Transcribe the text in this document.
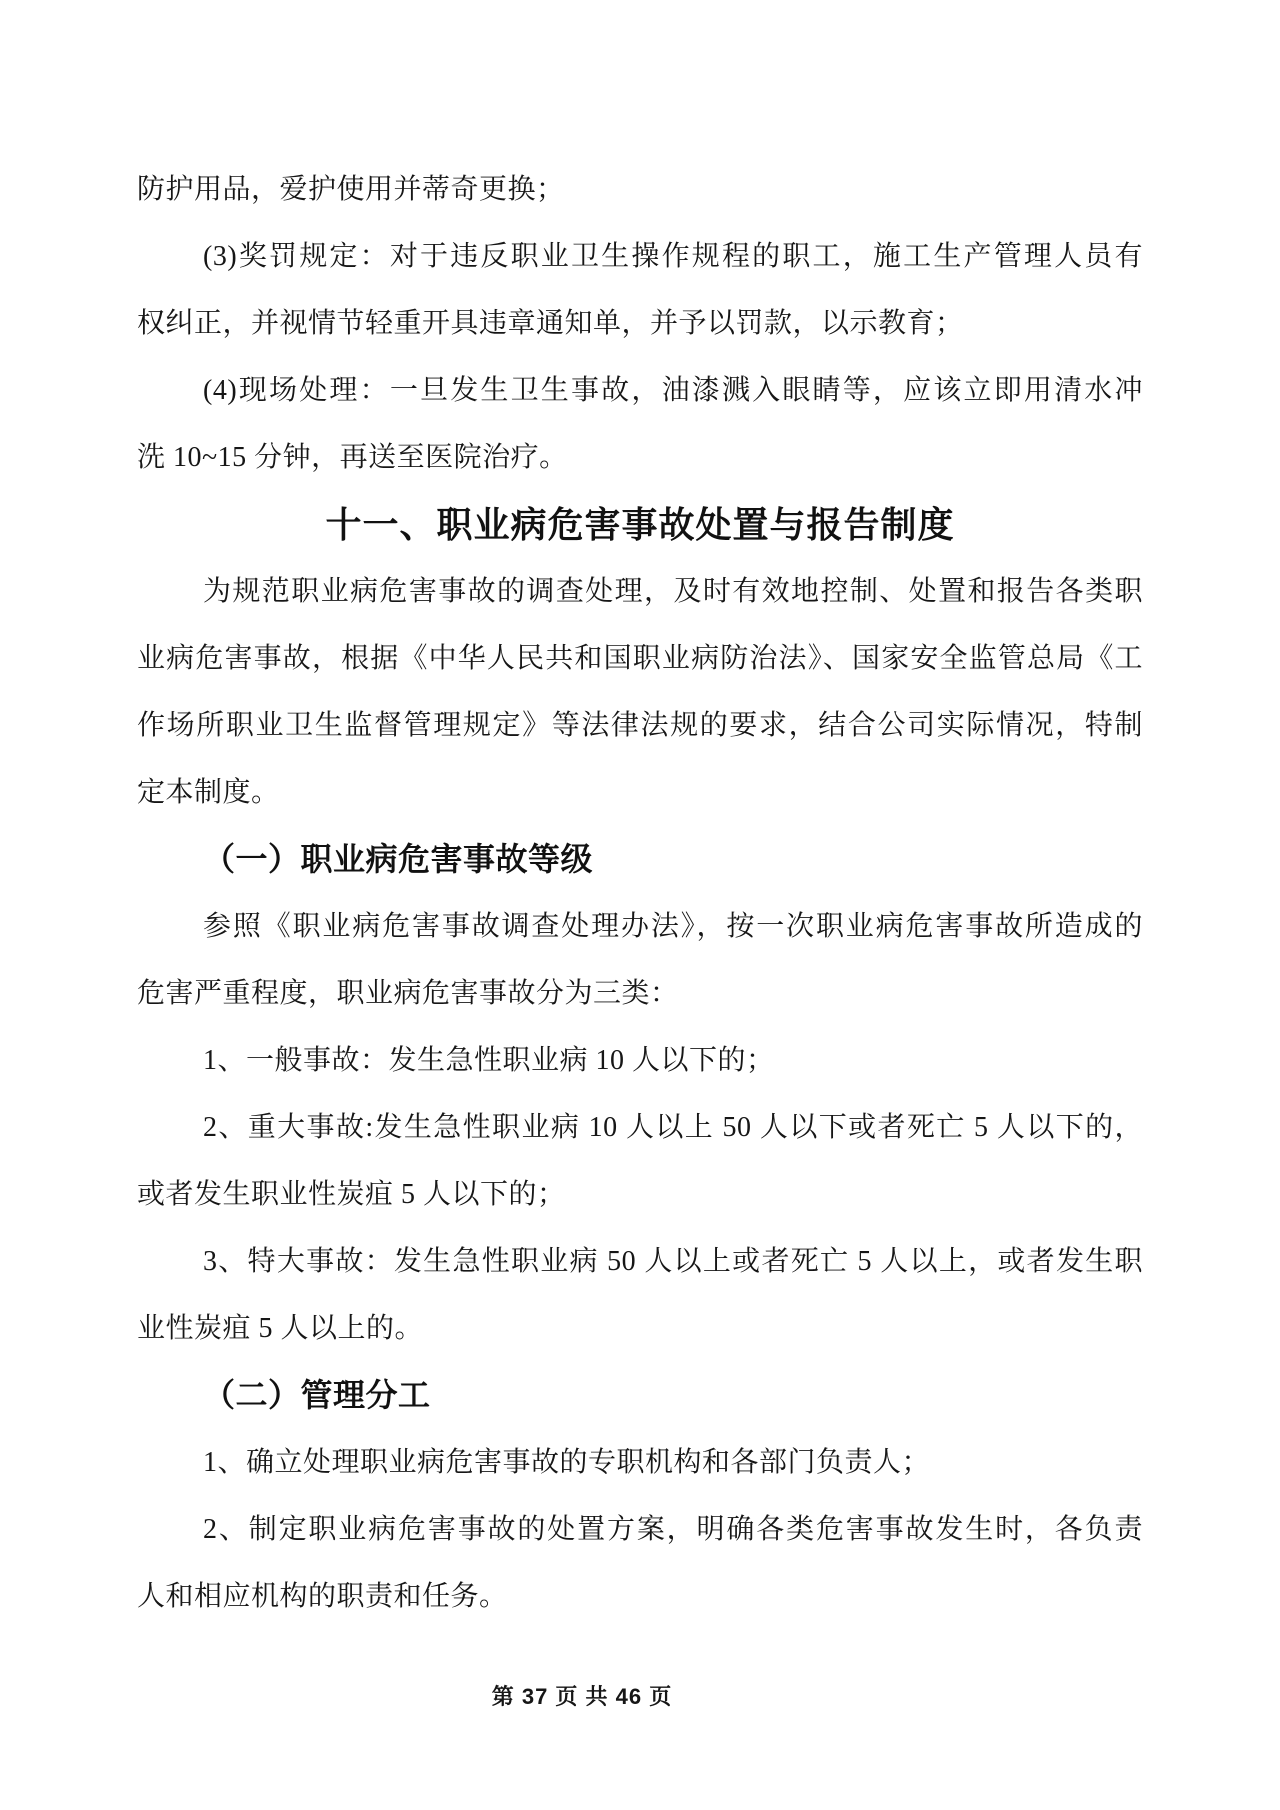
防护用品，爱护使用并蒂奇更换；
(3)奖罚规定：对于违反职业卫生操作规程的职工，施工生产管理人员有
权纠正，并视情节轻重开具违章通知单，并予以罚款，以示教育；
(4)现场处理：一旦发生卫生事故，油漆溅入眼睛等，应该立即用清水冲
洗 10~15 分钟，再送至医院治疗。
十一、职业病危害事故处置与报告制度
为规范职业病危害事故的调查处理，及时有效地控制、处置和报告各类职
业病危害事故，根据《中华人民共和国职业病防治法》、国家安全监管总局《工
作场所职业卫生监督管理规定》等法律法规的要求，结合公司实际情况，特制
定本制度。
（一）职业病危害事故等级
参照《职业病危害事故调查处理办法》，按一次职业病危害事故所造成的
危害严重程度，职业病危害事故分为三类：
1、一般事故：发生急性职业病 10 人以下的；
2、重大事故:发生急性职业病 10 人以上 50 人以下或者死亡 5 人以下的，
或者发生职业性炭疽 5 人以下的；
3、特大事故：发生急性职业病 50 人以上或者死亡 5 人以上，或者发生职
业性炭疽 5 人以上的。
（二）管理分工
1、确立处理职业病危害事故的专职机构和各部门负责人；
2、制定职业病危害事故的处置方案，明确各类危害事故发生时，各负责
人和相应机构的职责和任务。
第 37 页 共 46 页
